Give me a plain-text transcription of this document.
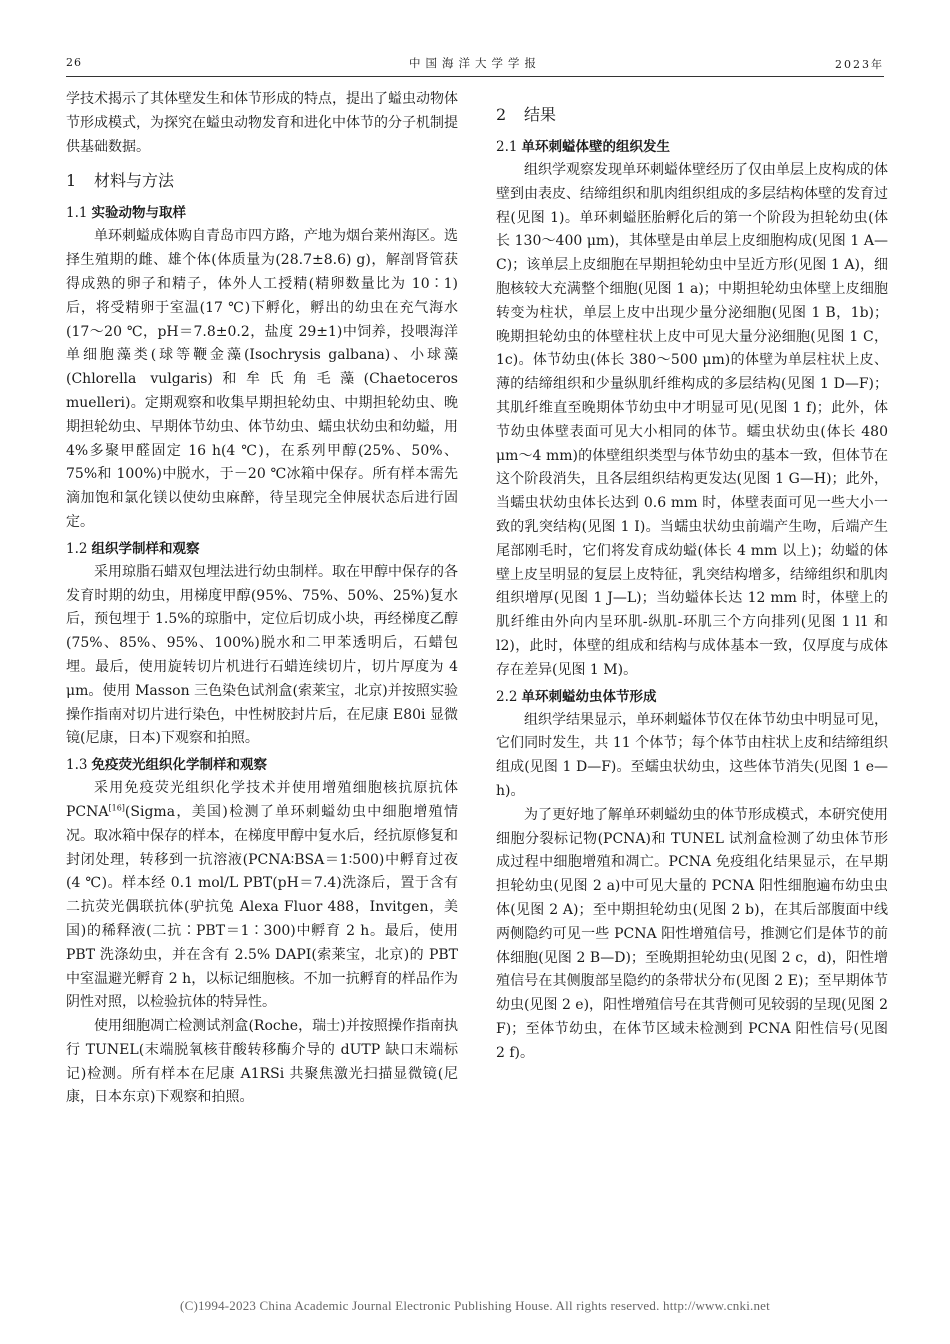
26	中国海洋大学学报	2023年

学技术揭示了其体壁发生和体节形成的特点，提出了螠虫动物体节形成模式，为探究在螠虫动物发育和进化中体节的分子机制提供基础数据。

1 材料与方法
1.1 实验动物与取样

单环刺螠成体购自青岛市四方路，产地为烟台莱州海区。选择生殖期的雌、雄个体(体质量为(28.7±8.6) g)，解剖肾管获得成熟的卵子和精子，体外人工授精(精卵数量比为 10∶1)后，将受精卵于室温(17 ℃)下孵化，孵出的幼虫在充气海水(17～20 ℃，pH＝7.8±0.2，盐度 29±1)中饲养，投喂海洋单细胞藻类(球等鞭金藻(Isochrysis galbana)、小球藻(Chlorella vulgaris)和牟氏角毛藻(Chaetoceros muelleri)。定期观察和收集早期担轮幼虫、中期担轮幼虫、晚期担轮幼虫、早期体节幼虫、体节幼虫、蠕虫状幼虫和幼螠，用 4%多聚甲醛固定 16 h(4 ℃)，在系列甲醇(25%、50%、75%和 100%)中脱水，于－20 ℃冰箱中保存。所有样本需先滴加饱和氯化镁以使幼虫麻醉，待呈现完全伸展状态后进行固定。

1.2 组织学制样和观察

采用琼脂石蜡双包埋法进行幼虫制样。取在甲醇中保存的各发育时期的幼虫，用梯度甲醇(95%、75%、50%、25%)复水后，预包埋于 1.5%的琼脂中，定位后切成小块，再经梯度乙醇(75%、85%、95%、100%)脱水和二甲苯透明后，石蜡包埋。最后，使用旋转切片机进行石蜡连续切片，切片厚度为 4 μm。使用 Masson 三色染色试剂盒(索莱宝，北京)并按照实验操作指南对切片进行染色，中性树胶封片后，在尼康 E80i 显微镜(尼康，日本)下观察和拍照。

1.3 免疫荧光组织化学制样和观察

采用免疫荧光组织化学技术并使用增殖细胞核抗原抗体 PCNA[16](Sigma，美国)检测了单环刺螠幼虫中细胞增殖情况。取冰箱中保存的样本，在梯度甲醇中复水后，经抗原修复和封闭处理，转移到一抗溶液(PCNA∶BSA＝1∶500)中孵育过夜(4 ℃)。样本经 0.1 mol/L PBT(pH＝7.4)洗涤后，置于含有二抗荧光偶联抗体(驴抗兔 Alexa Fluor 488，Invitgen，美国)的稀释液(二抗∶PBT＝1∶300)中孵育 2 h。最后，使用 PBT 洗涤幼虫，并在含有 2.5% DAPI(索莱宝，北京)的 PBT 中室温避光孵育 2 h，以标记细胞核。不加一抗孵育的样品作为阴性对照，以检验抗体的特异性。

使用细胞凋亡检测试剂盒(Roche，瑞士)并按照操作指南执行 TUNEL(末端脱氧核苷酸转移酶介导的 dUTP 缺口末端标记)检测。所有样本在尼康 A1RSi 共聚焦激光扫描显微镜(尼康，日本东京)下观察和拍照。

2 结果
2.1 单环刺螠体壁的组织发生

组织学观察发现单环刺螠体壁经历了仅由单层上皮构成的体壁到由表皮、结缔组织和肌肉组织组成的多层结构体壁的发育过程(见图 1)。单环刺螠胚胎孵化后的第一个阶段为担轮幼虫(体长 130～400 μm)，其体壁是由单层上皮细胞构成(见图 1 A—C)；该单层上皮细胞在早期担轮幼虫中呈近方形(见图 1 A)，细胞核较大充满整个细胞(见图 1 a)；中期担轮幼虫体壁上皮细胞转变为柱状，单层上皮中出现少量分泌细胞(见图 1 B，1b)；晚期担轮幼虫的体壁柱状上皮中可见大量分泌细胞(见图 1 C，1c)。体节幼虫(体长 380～500 μm)的体壁为单层柱状上皮、薄的结缔组织和少量纵肌纤维构成的多层结构(见图 1 D—F)；其肌纤维直至晚期体节幼虫中才明显可见(见图 1 f)；此外，体节幼虫体壁表面可见大小相同的体节。蠕虫状幼虫(体长 480 μm～4 mm)的体壁组织类型与体节幼虫的基本一致，但体节在这个阶段消失，且各层组织结构更发达(见图 1 G—H)；此外，当蠕虫状幼虫体长达到 0.6 mm 时，体壁表面可见一些大小一致的乳突结构(见图 1 I)。当蠕虫状幼虫前端产生吻，后端产生尾部刚毛时，它们将发育成幼螠(体长 4 mm 以上)；幼螠的体壁上皮呈明显的复层上皮特征，乳突结构增多，结缔组织和肌肉组织增厚(见图 1 J—L)；当幼螠体长达 12 mm 时，体壁上的肌纤维由外向内呈环肌-纵肌-环肌三个方向排列(见图 1 l1 和 l2)，此时，体壁的组成和结构与成体基本一致，仅厚度与成体存在差异(见图 1 M)。

2.2 单环刺螠幼虫体节形成

组织学结果显示，单环刺螠体节仅在体节幼虫中明显可见，它们同时发生，共 11 个体节；每个体节由柱状上皮和结缔组织组成(见图 1 D—F)。至蠕虫状幼虫，这些体节消失(见图 1 e—h)。

为了更好地了解单环刺螠幼虫的体节形成模式，本研究使用细胞分裂标记物(PCNA)和 TUNEL 试剂盒检测了幼虫体节形成过程中细胞增殖和凋亡。PCNA 免疫组化结果显示，在早期担轮幼虫(见图 2 a)中可见大量的 PCNA 阳性细胞遍布幼虫虫体(见图 2 A)；至中期担轮幼虫(见图 2 b)，在其后部腹面中线两侧隐约可见一些 PCNA 阳性增殖信号，推测它们是体节的前体细胞(见图 2 B—D)；至晚期担轮幼虫(见图 2 c，d)，阳性增殖信号在其侧腹部呈隐约的条带状分布(见图 2 E)；至早期体节幼虫(见图 2 e)，阳性增殖信号在其背侧可见较弱的呈现(见图 2 F)；至体节幼虫，在体节区域未检测到 PCNA 阳性信号(见图 2 f)。

(C)1994-2023 China Academic Journal Electronic Publishing House. All rights reserved. http://www.cnki.net
